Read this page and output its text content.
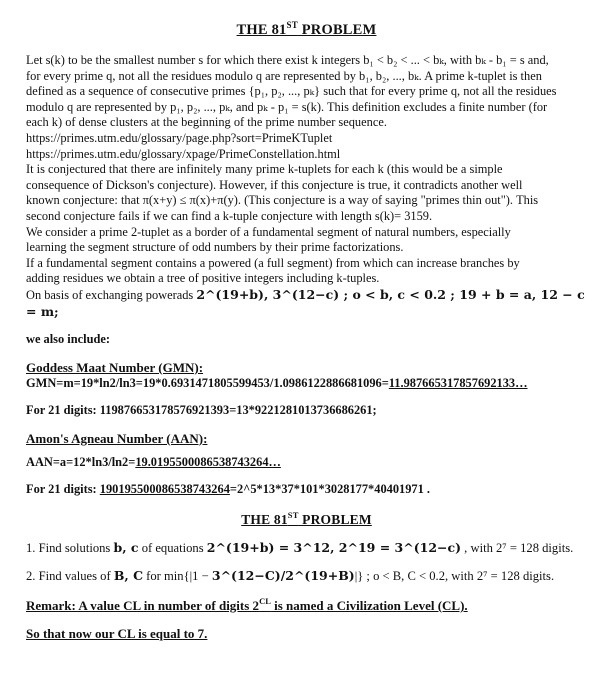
THE 81ST PROBLEM

Let s(k) to be the smallest number s for which there exist k integers b₁ < b₂ < ... < bₖ, with bₖ - b₁ = s and,

for every prime q, not all the residues modulo q are represented by b₁, b₂, ..., bₖ. A prime k-tuplet is then

defined as a sequence of consecutive primes {p₁, p₂, ..., pₖ} such that for every prime q, not all the residues

modulo q are represented by p₁, p₂, ..., pₖ, and pₖ - p₁ = s(k). This definition excludes a finite number (for

each k) of dense clusters at the beginning of the prime number sequence.

https://primes.utm.edu/glossary/page.php?sort=PrimeKTuplet

https://primes.utm.edu/glossary/xpage/PrimeConstellation.html

It is conjectured that there are infinitely many prime k-tuplets for each k (this would be a simple

consequence of Dickson's conjecture). However, if this conjecture is true, it contradicts another well

known conjecture: that π(x+y) ≤ π(x)+π(y). (This conjecture is a way of saying "primes thin out"). This

second conjecture fails if we can find a k-tuple conjecture with length s(k)= 3159.

We consider a prime 2-tuplet as a border of a fundamental segment of natural numbers, especially

learning the segment structure of odd numbers by their prime factorizations.

If a fundamental segment contains a powered (a full segment) from which can increase branches by

adding residues we obtain a tree of positive integers including k-tuples.

On basis of exchanging powerads 2^(19+b), 3^(12−c) ; o < b, c < 0.2 ; 19 + b = a, 12 − c = m;

we also include:

Goddess Maat Number (GMN):

GMN=m=19*ln2/ln3=19*0.6931471805599453/1.0986122886681096=11.987665317857692133…

For 21 digits: 119876653178576921393=13*9221281013736686261;

Amon's Agneau Number (AAN):

AAN=a=12*ln3/ln2=19.0195500086538743264…

For 21 digits: 190195500086538743264=2^5*13*37*101*3028177*40401971 .

THE 81ST PROBLEM

1. Find solutions b, c of equations 2^(19+b) = 3^12, 2^19 = 3^(12−c) , with 2⁷ = 128 digits.

2. Find values of B, C for min{|1 − 3^(12−C)/2^(19+B)|} ; o < B, C < 0.2, with 2⁷ = 128 digits.

Remark: A value CL in number of digits $2^{CL}$ is named a Civilization Level (CL).

So that now our CL is equal to 7.
